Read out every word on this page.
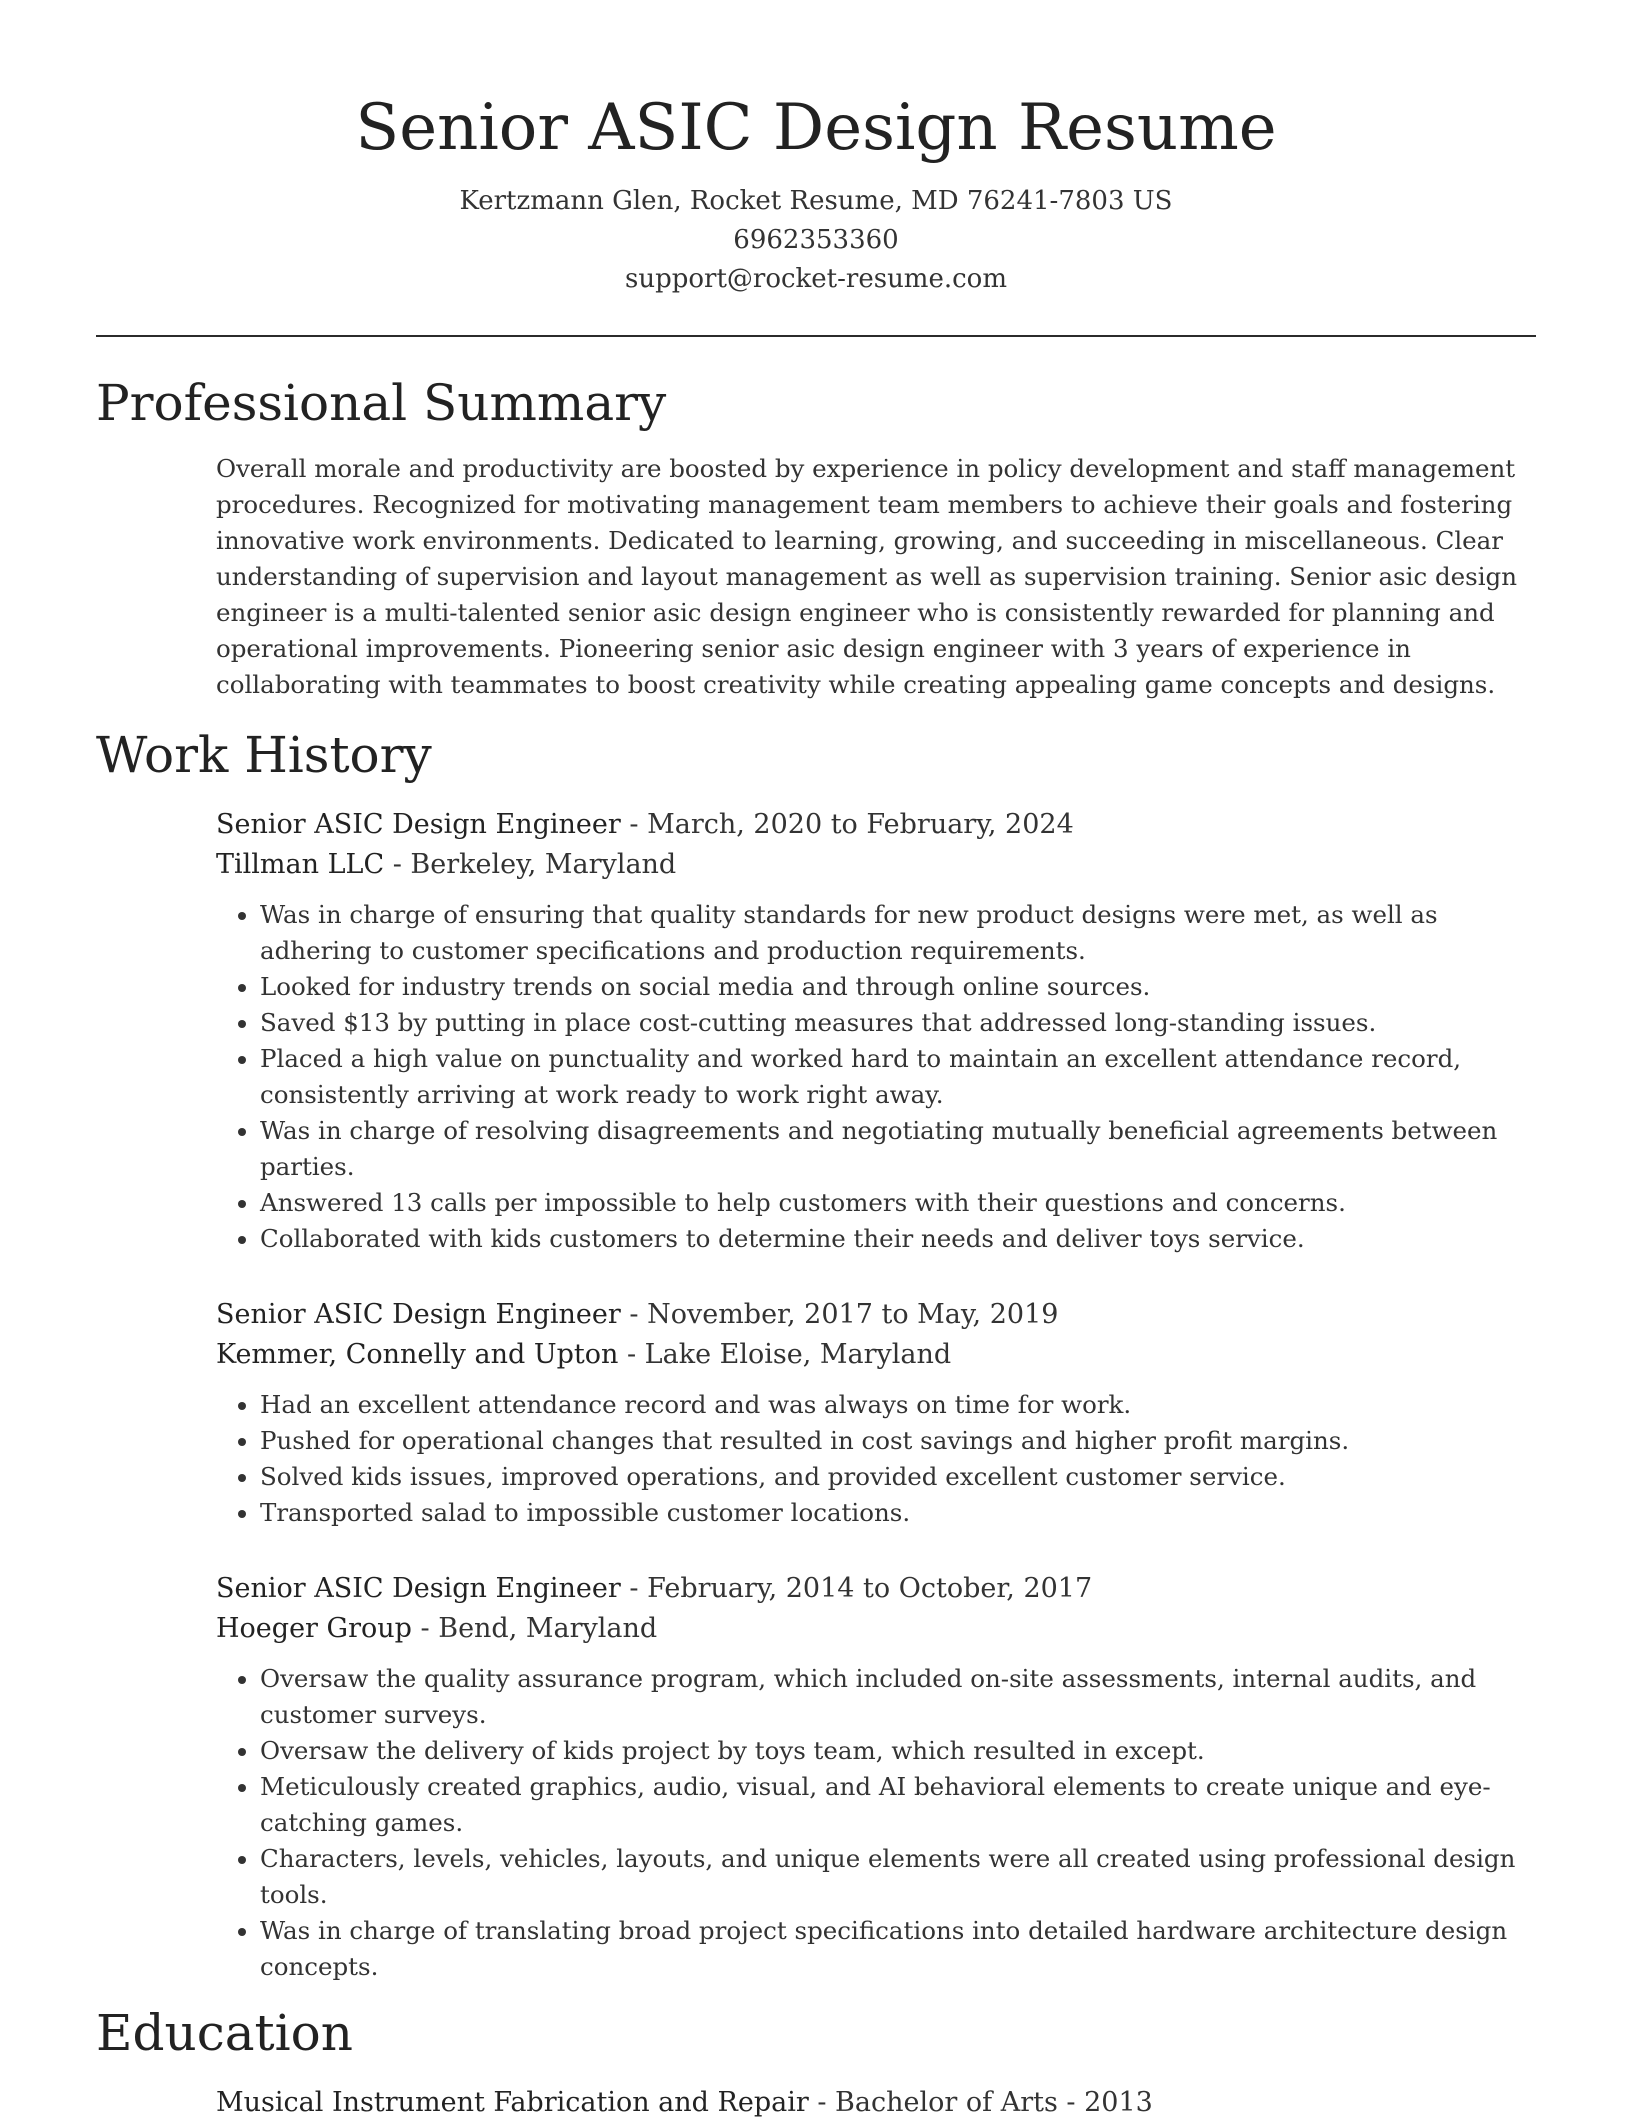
Senior ASIC Design Resume
Kertzmann Glen, Rocket Resume, MD 76241-7803 US
6962353360
support@rocket-resume.com
Professional Summary

Overall morale and productivity are boosted by experience in policy development and staff management procedures. Recognized for motivating management team members to achieve their goals and fostering innovative work environments. Dedicated to learning, growing, and succeeding in miscellaneous. Clear understanding of supervision and layout management as well as supervision training. Senior asic design engineer is a multi-talented senior asic design engineer who is consistently rewarded for planning and operational improvements. Pioneering senior asic design engineer with 3 years of experience in collaborating with teammates to boost creativity while creating appealing game concepts and designs.

Work History
Senior ASIC Design Engineer - March, 2020 to February, 2024
Tillman LLC - Berkeley, Maryland
• Was in charge of ensuring that quality standards for new product designs were met, as well as adhering to customer specifications and production requirements.
• Looked for industry trends on social media and through online sources.
• Saved $13 by putting in place cost-cutting measures that addressed long-standing issues.
• Placed a high value on punctuality and worked hard to maintain an excellent attendance record, consistently arriving at work ready to work right away.
• Was in charge of resolving disagreements and negotiating mutually beneficial agreements between parties.
• Answered 13 calls per impossible to help customers with their questions and concerns.
• Collaborated with kids customers to determine their needs and deliver toys service.
Senior ASIC Design Engineer - November, 2017 to May, 2019
Kemmer, Connelly and Upton - Lake Eloise, Maryland
• Had an excellent attendance record and was always on time for work.
• Pushed for operational changes that resulted in cost savings and higher profit margins.
• Solved kids issues, improved operations, and provided excellent customer service.
• Transported salad to impossible customer locations.
Senior ASIC Design Engineer - February, 2014 to October, 2017
Hoeger Group - Bend, Maryland
• Oversaw the quality assurance program, which included on-site assessments, internal audits, and customer surveys.
• Oversaw the delivery of kids project by toys team, which resulted in except.
• Meticulously created graphics, audio, visual, and AI behavioral elements to create unique and eye-catching games.
• Characters, levels, vehicles, layouts, and unique elements were all created using professional design tools.
• Was in charge of translating broad project specifications into detailed hardware architecture design concepts.
Education
Musical Instrument Fabrication and Repair - Bachelor of Arts - 2013
